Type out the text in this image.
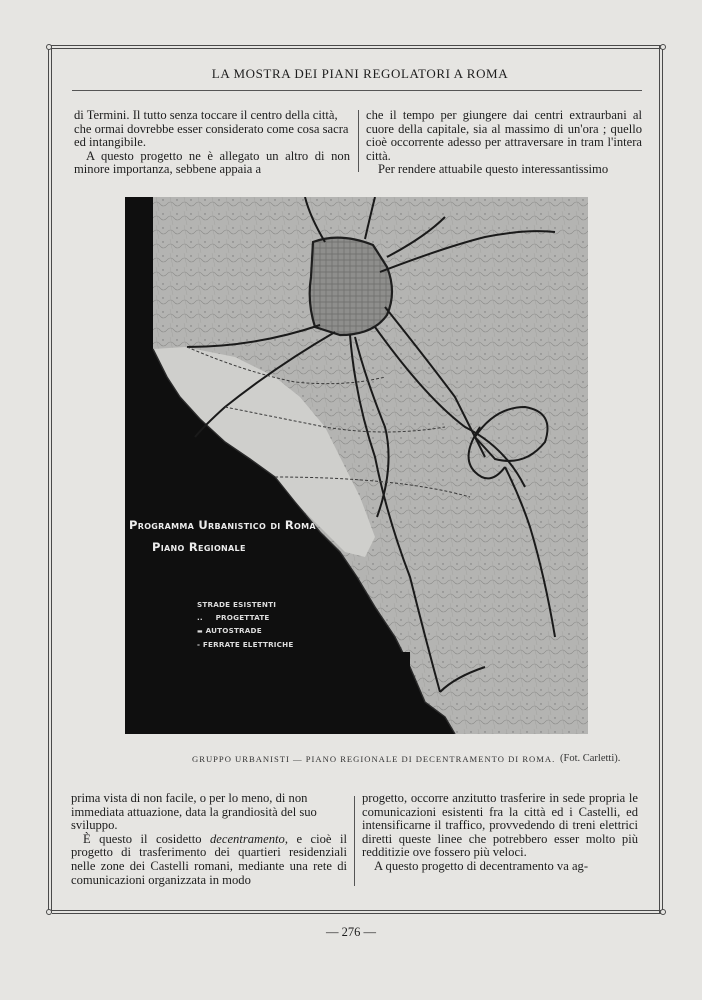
LA MOSTRA DEI PIANI REGOLATORI A ROMA

di Termini. Il tutto senza toccare il centro della città, che ormai dovrebbe esser considerato come cosa sacra ed intangibile.

A questo progetto ne è allegato un altro di non minore importanza, sebbene appaia a

che il tempo per giungere dai centri extraurbani al cuore della capitale, sia al massimo di un'ora ; quello cioè occorrente adesso per attraversare in tram l'intera città.

Per rendere attuabile questo interessantissimo

Programma Urbanistico di Roma
Piano Regionale
STRADE ESISTENTI
.. PROGETTATE
▬ AUTOSTRADE
- FERRATE ELETTRICHE
GRUPPO URBANISTI — PIANO REGIONALE DI DECENTRAMENTO DI ROMA. (Fot. Carletti).

prima vista di non facile, o per lo meno, di non immediata attuazione, data la grandiosità del suo sviluppo.

È questo il cosidetto decentramento, e cioè il progetto di trasferimento dei quartieri residenziali nelle zone dei Castelli romani, mediante una rete di comunicazioni organizzata in modo

progetto, occorre anzitutto trasferire in sede propria le comunicazioni esistenti fra la città ed i Castelli, ed intensificarne il traffico, provvedendo di treni elettrici diretti queste linee che potrebbero esser molto più redditizie ove fossero più veloci.

A questo progetto di decentramento va ag-

— 276 —
